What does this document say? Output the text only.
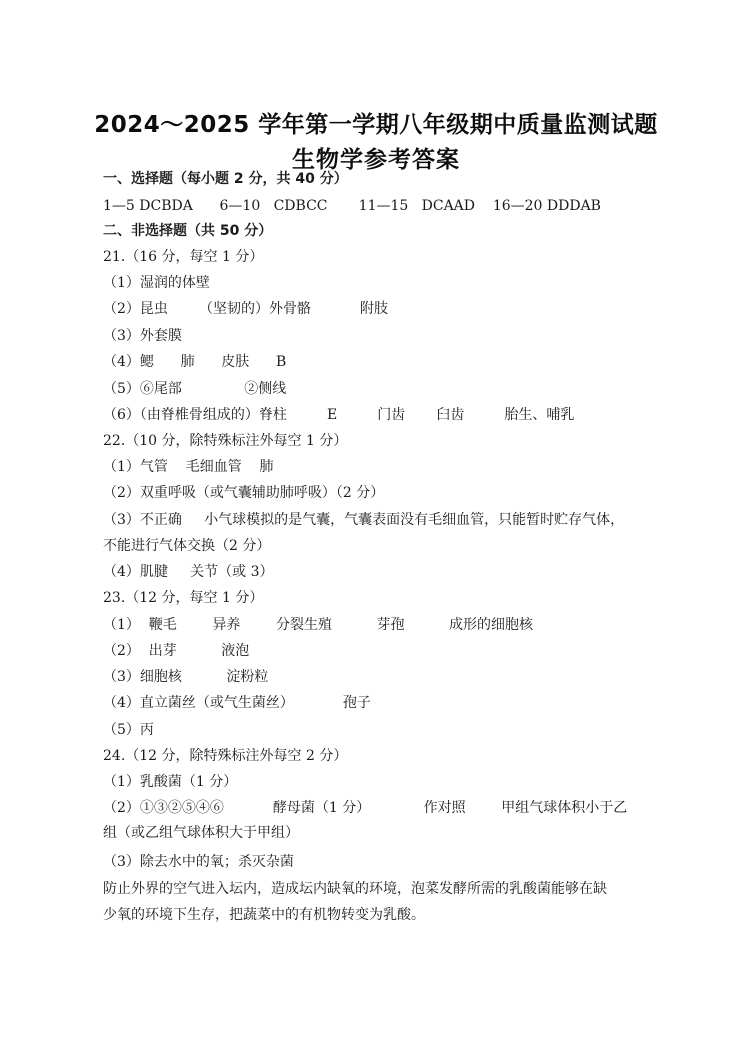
2024～2025 学年第一学期八年级期中质量监测试题
生物学参考答案
一、选择题（每小题 2 分，共 40 分）
1—5 DCBDA      6—10   CDBCC       11—15   DCAAD    16—20 DDDAB
二、非选择题（共 50 分）
21.（16 分，每空 1 分）
（1）湿润的体壁
（2）昆虫       （坚韧的）外骨骼           附肢
（3）外套膜
（4）鳃      肺      皮肤      B
（5）⑥尾部              ②侧线
（6）（由脊椎骨组成的）脊柱         E         门齿       臼齿         胎生、哺乳
22.（10 分，除特殊标注外每空 1 分）
（1）气管    毛细血管    肺
（2）双重呼吸（或气囊辅助肺呼吸）（2 分）
（3）不正确     小气球模拟的是气囊，气囊表面没有毛细血管，只能暂时贮存气体，
不能进行气体交换（2 分）
（4）肌腱     关节（或 3）
23.（12 分，每空 1 分）
（1）  鞭毛        异养        分裂生殖          芽孢          成形的细胞核
（2）  出芽          液泡
（3）细胞核          淀粉粒
（4）直立菌丝（或气生菌丝）           孢子
（5）丙
24.（12 分，除特殊标注外每空 2 分）
（1）乳酸菌（1 分）
（2）①③②⑤④⑥           酵母菌（1 分）            作对照        甲组气球体积小于乙
组（或乙组气球体积大于甲组）
（3）除去水中的氧；杀灭杂菌
防止外界的空气进入坛内，造成坛内缺氧的环境，泡菜发酵所需的乳酸菌能够在缺
少氧的环境下生存，把蔬菜中的有机物转变为乳酸。
